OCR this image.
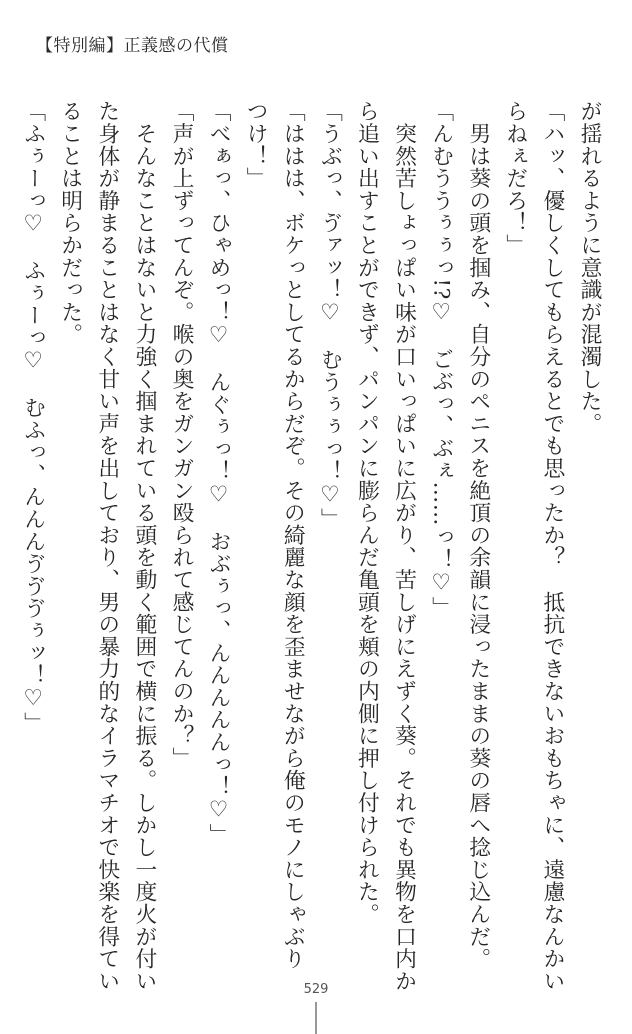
【特別編】正義感の代償
が揺れるように意識が混濁した。
「ハッ、優しくしてもらえるとでも思ったか？　抵抗できないおもちゃに、遠慮なんかい
らねぇだろ！」
　男は葵の頭を掴み、自分のペニスを絶頂の余韻に浸ったままの葵の唇へ捻じ込んだ。
「んむううぅぅっ!?♡　ごぶっ、ぶぇ……っ！♡」
　突然苦しょっぱい味が口いっぱいに広がり、苦しげにえずく葵。それでも異物を口内か
ら追い出すことができず、パンパンに膨らんだ亀頭を頬の内側に押し付けられた。
「うぶっ、ゔァッ！♡　むうぅぅっ！♡」
「ははは、ボケっとしてるからだぞ。その綺麗な顔を歪ませながら俺のモノにしゃぶり
つけ！」
「べぁっ、ひゃめっ！♡　んぐぅっ！♡　おぶぅっ、んんんんんっ！♡」
「声が上ずってんぞ。喉の奥をガンガン殴られて感じてんのか？」
　そんなことはないと力強く掴まれている頭を動く範囲で横に振る。しかし一度火が付い
た身体が静まることはなく甘い声を出しており、男の暴力的なイラマチオで快楽を得てい
ることは明らかだった。
「ふぅーっ♡　ふぅーっ♡　むふっ、んんんゔゔゔぅッ！♡」
529
